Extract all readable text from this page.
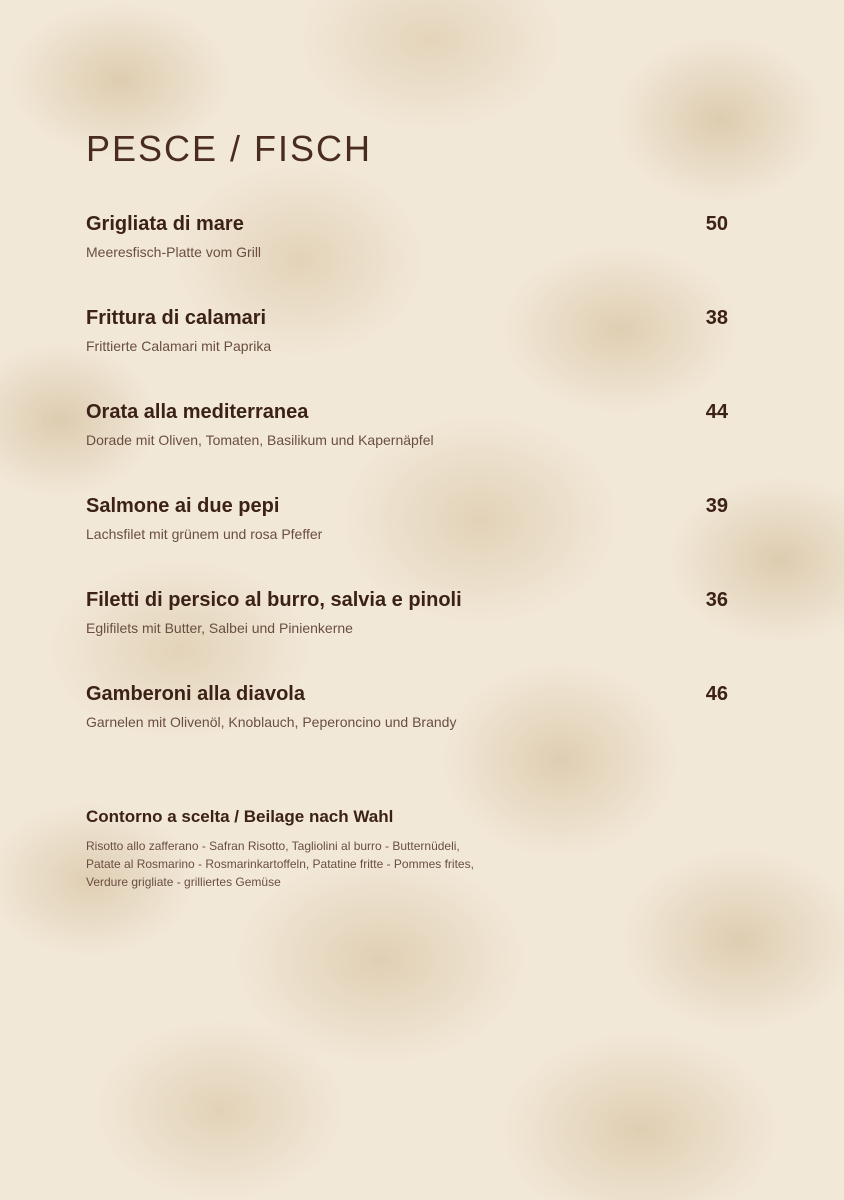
PESCE / FISCH
Grigliata di mare	50
Meeresfisch-Platte vom Grill
Frittura di calamari	38
Frittierte Calamari mit Paprika
Orata alla mediterranea	44
Dorade mit Oliven, Tomaten, Basilikum und Kapernäpfel
Salmone ai due pepi	39
Lachsfilet mit grünem und rosa Pfeffer
Filetti di persico al burro, salvia e pinoli	36
Eglifilets mit Butter, Salbei und Pinienkerne
Gamberoni alla diavola	46
Garnelen mit Olivenöl, Knoblauch, Peperoncino und Brandy
Contorno a scelta / Beilage nach Wahl
Risotto allo zafferano - Safran Risotto, Tagliolini al burro - Butternüdeli,
Patate al Rosmarino - Rosmarinkartoffeln, Patatine fritte - Pommes frites,
Verdure grigliate - grilliertes Gemüse
